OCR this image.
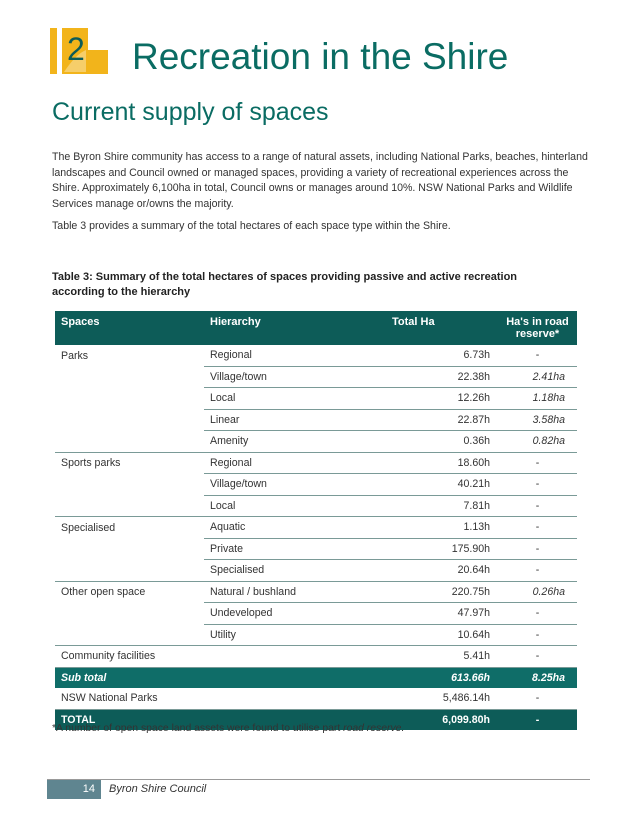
2 Recreation in the Shire
Current supply of spaces

The Byron Shire community has access to a range of natural assets, including National Parks, beaches, hinterland landscapes and Council owned or managed spaces, providing a variety of recreational experiences across the Shire. Approximately 6,100ha in total, Council owns or manages around 10%. NSW National Parks and Wildlife Services manage or/owns the majority.

Table 3 provides a summary of the total hectares of each space type within the Shire.

Table 3: Summary of the total hectares of spaces providing passive and active recreation according to the hierarchy

Spaces	Hierarchy	Total Ha	Ha's in road reserve*
Parks	Regional	6.73h	-
	Village/town	22.38h	2.41ha
	Local	12.26h	1.18ha
	Linear	22.87h	3.58ha
	Amenity	0.36h	0.82ha
Sports parks	Regional	18.60h	-
	Village/town	40.21h	-
	Local	7.81h	-
Specialised	Aquatic	1.13h	-
	Private	175.90h	-
	Specialised	20.64h	-
Other open space	Natural / bushland	220.75h	0.26ha
	Undeveloped	47.97h	-
	Utility	10.64h	-
Community facilities		5.41h	-
Sub total		613.66h	8.25ha
NSW National Parks		5,486.14h	-
TOTAL		6,099.80h	-

*A number of open space land assets were found to utilise part road reserve.

14	Byron Shire Council
